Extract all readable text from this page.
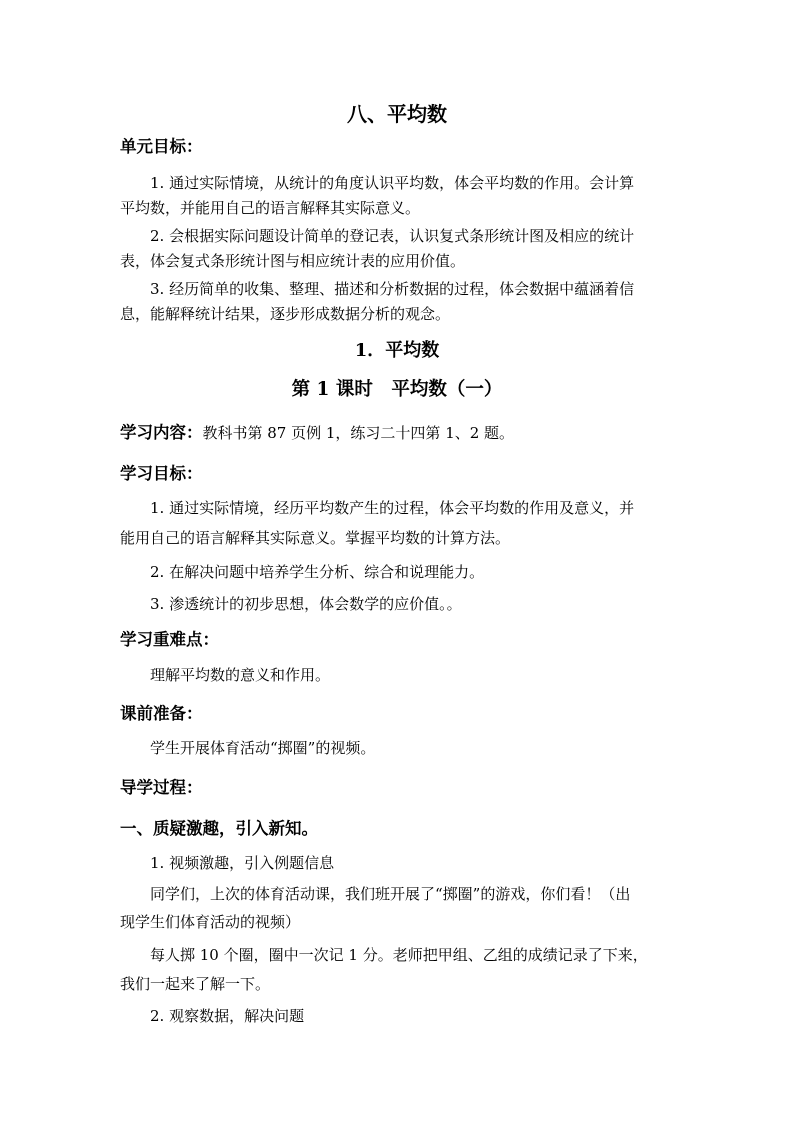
八、平均数
单元目标：
1. 通过实际情境，从统计的角度认识平均数，体会平均数的作用。会计算
平均数，并能用自己的语言解释其实际意义。
2. 会根据实际问题设计简单的登记表，认识复式条形统计图及相应的统计
表，体会复式条形统计图与相应统计表的应用价值。
3. 经历简单的收集、整理、描述和分析数据的过程，体会数据中蕴涵着信
息，能解释统计结果，逐步形成数据分析的观念。
1．平均数
第 1 课时　平均数（一）
学习内容：教科书第 87 页例 1，练习二十四第 1、2 题。
学习目标：
1. 通过实际情境，经历平均数产生的过程，体会平均数的作用及意义，并
能用自己的语言解释其实际意义。掌握平均数的计算方法。
2. 在解决问题中培养学生分析、综合和说理能力。
3. 渗透统计的初步思想，体会数学的应价值。。
学习重难点：
理解平均数的意义和作用。
课前准备：
学生开展体育活动“掷圈”的视频。
导学过程：
一、质疑激趣，引入新知。
1. 视频激趣，引入例题信息
同学们，上次的体育活动课，我们班开展了“掷圈”的游戏，你们看！（出
现学生们体育活动的视频）
每人掷 10 个圈，圈中一次记 1 分。老师把甲组、乙组的成绩记录了下来，
我们一起来了解一下。
2. 观察数据，解决问题
